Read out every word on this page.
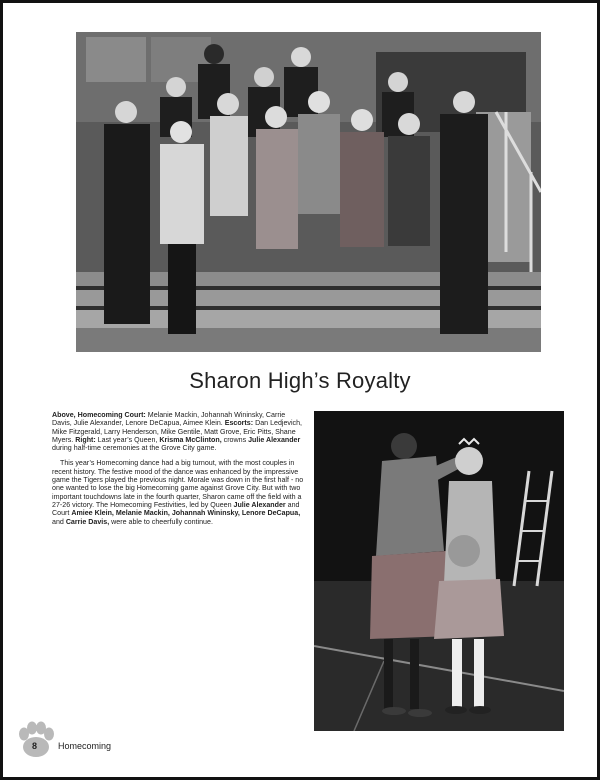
Sharon High’s Royalty

Above, Homecoming Court: Melanie Mackin, Johannah Wininsky, Carrie Davis, Julie Alexander, Lenore DeCapua, Aimee Klein. Escorts: Dan Ledjevich, Mike Fitzgerald, Larry Henderson, Mike Gentile, Matt Grove, Eric Pitts, Shane Myers. Right: Last year’s Queen, Krisma McClinton, crowns Julie Alexander during half-time ceremonies at the Grove City game.

This year’s Homecoming dance had a big turnout, with the most couples in recent history. The festive mood of the dance was enhanced by the impressive game the Tigers played the previous night. Morale was down in the first half - no one wanted to lose the big Homecoming game against Grove City. But with two important touchdowns late in the fourth quarter, Sharon came off the field with a 27-26 victory. The Homecoming Festivities, led by Queen Julie Alexander and Court Amiee Klein, Melanie Mackin, Johannah Wininsky, Lenore DeCapua, and Carrie Davis, were able to cheerfully continue.

8 Homecoming
